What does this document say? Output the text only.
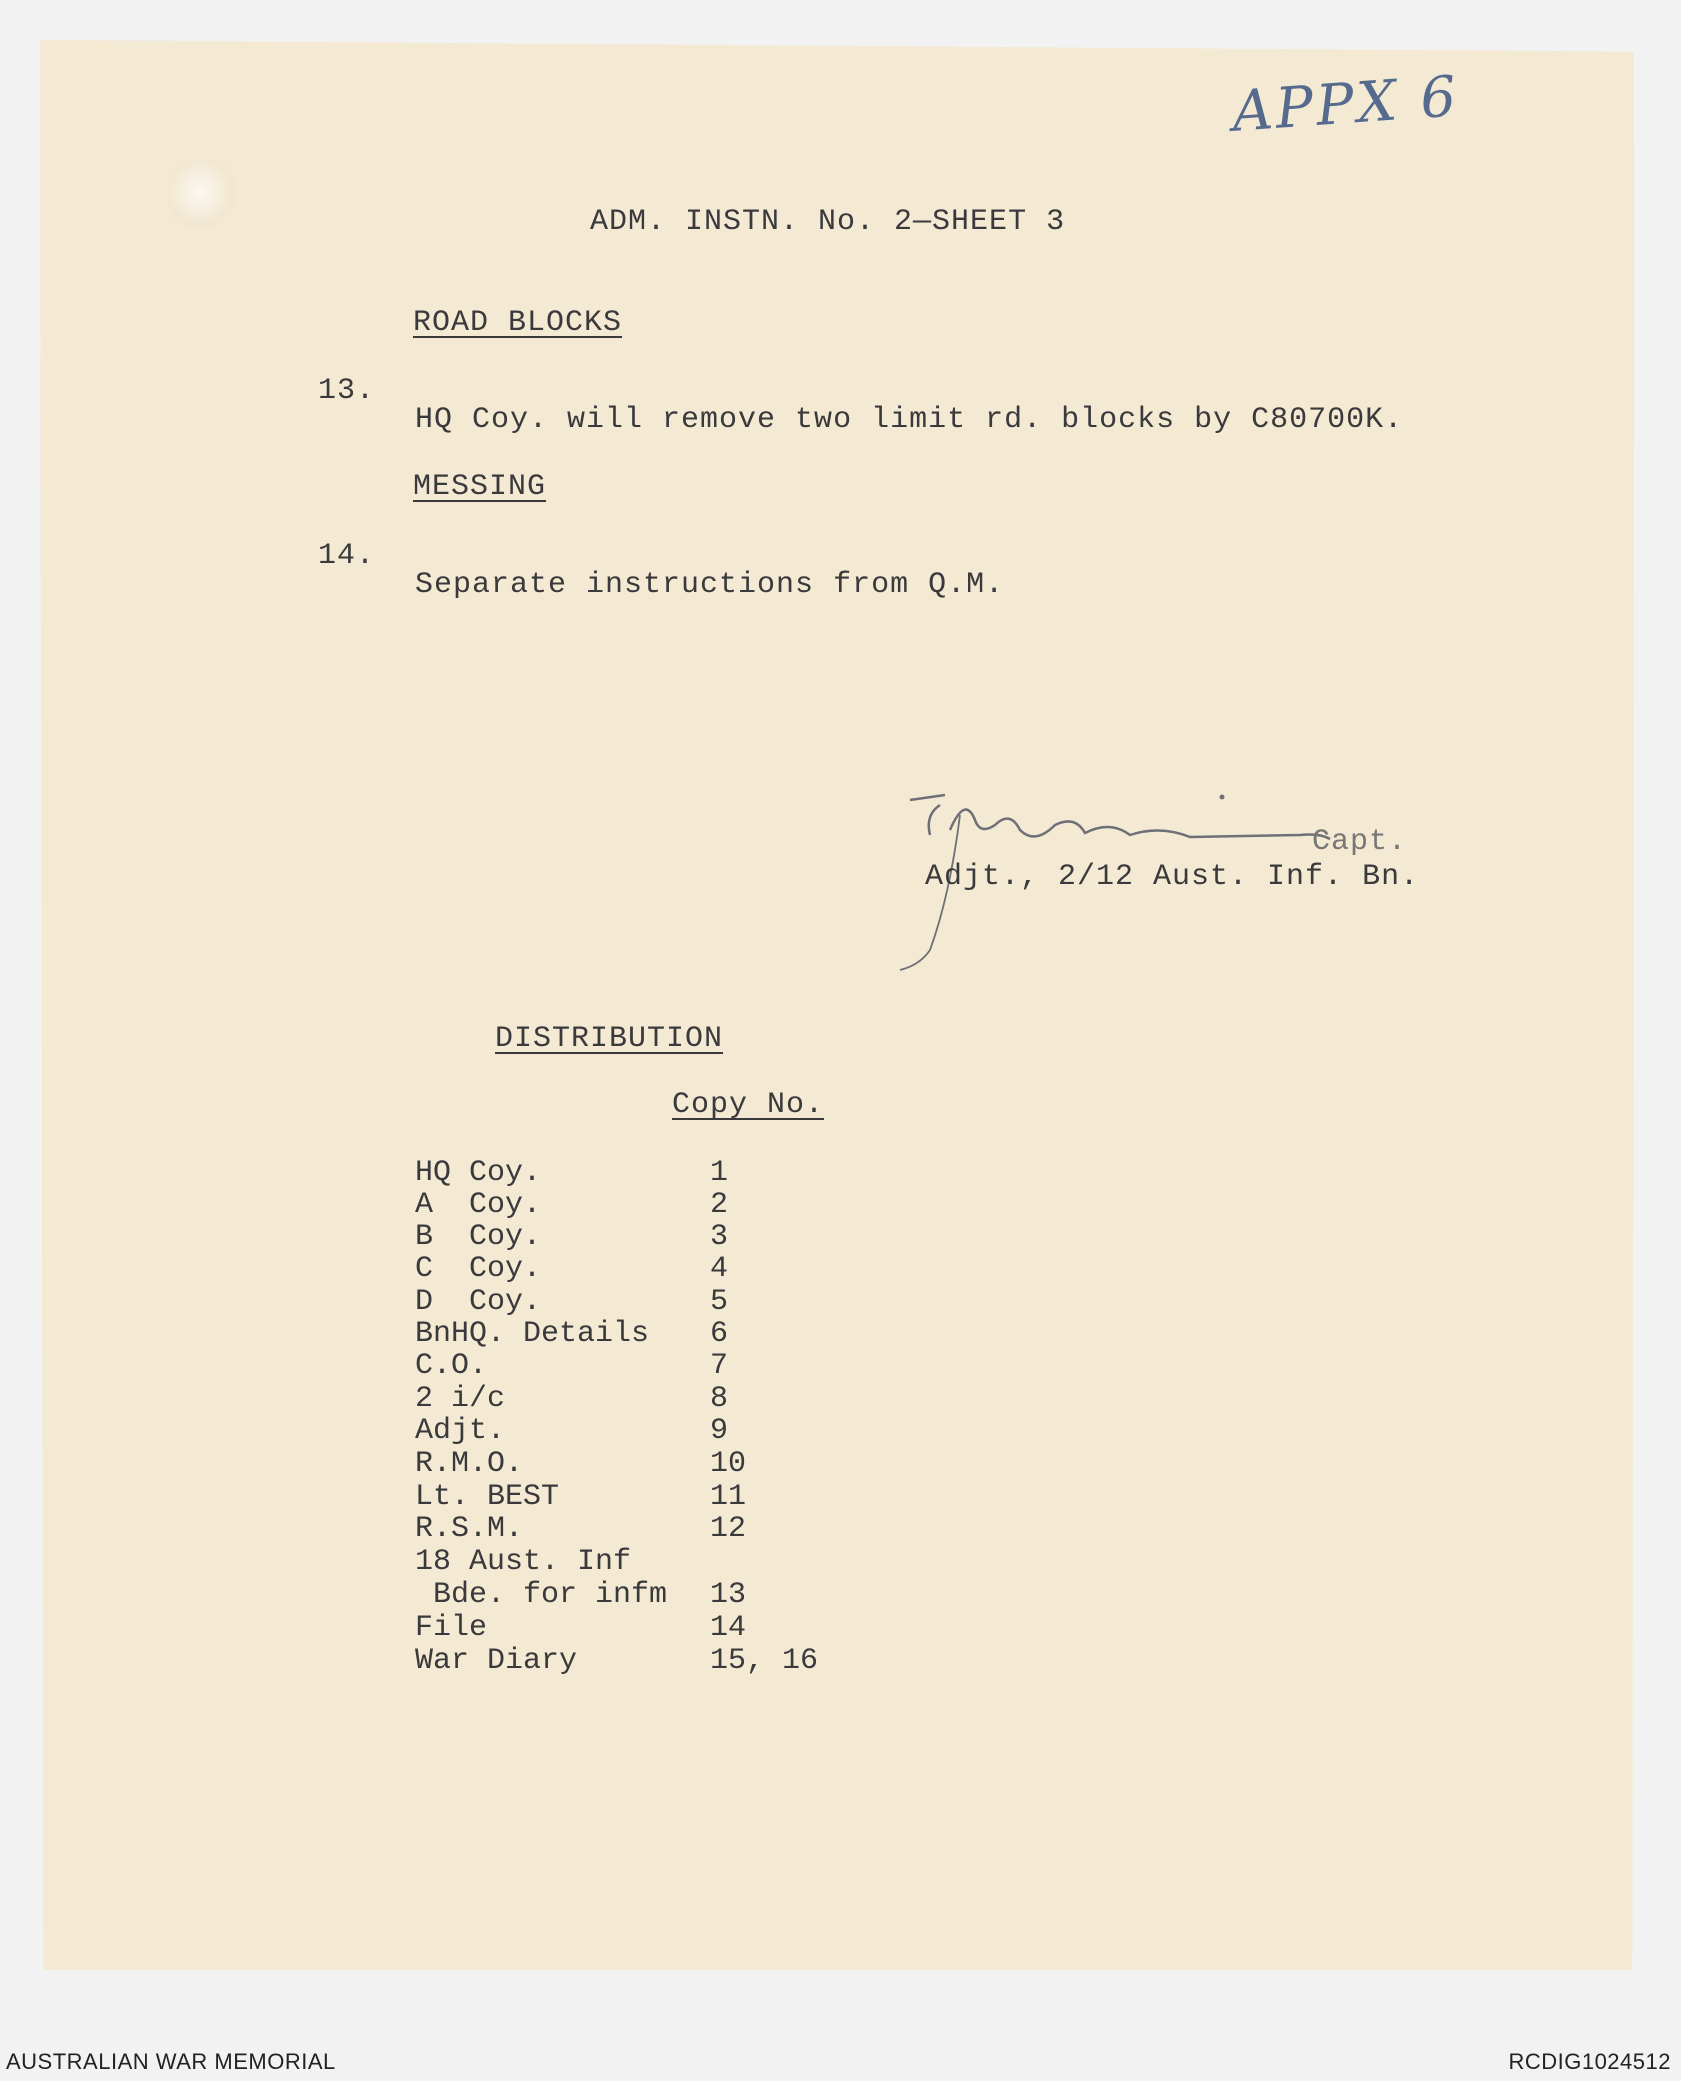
APPX 6
ADM. INSTN. No. 2—SHEET 3
ROAD BLOCKS
13.
HQ Coy. will remove two limit rd. blocks by C80700K.
MESSING
14.
Separate instructions from Q.M.
Capt.
Adjt., 2/12 Aust. Inf. Bn.
DISTRIBUTION
Copy No.
HQ Coy.	1
A  Coy.	2
B  Coy.	3
C  Coy.	4
D  Coy.	5
BnHQ. Details 6
C.O.	7
2 i/c	8
Adjt.	9
R.M.O.	10
Lt. BEST	11
R.S.M.	12
18 Aust. Inf
Bde. for infm 13
File	14
War Diary	15, 16
AUSTRALIAN WAR MEMORIAL	RCDIG1024512
